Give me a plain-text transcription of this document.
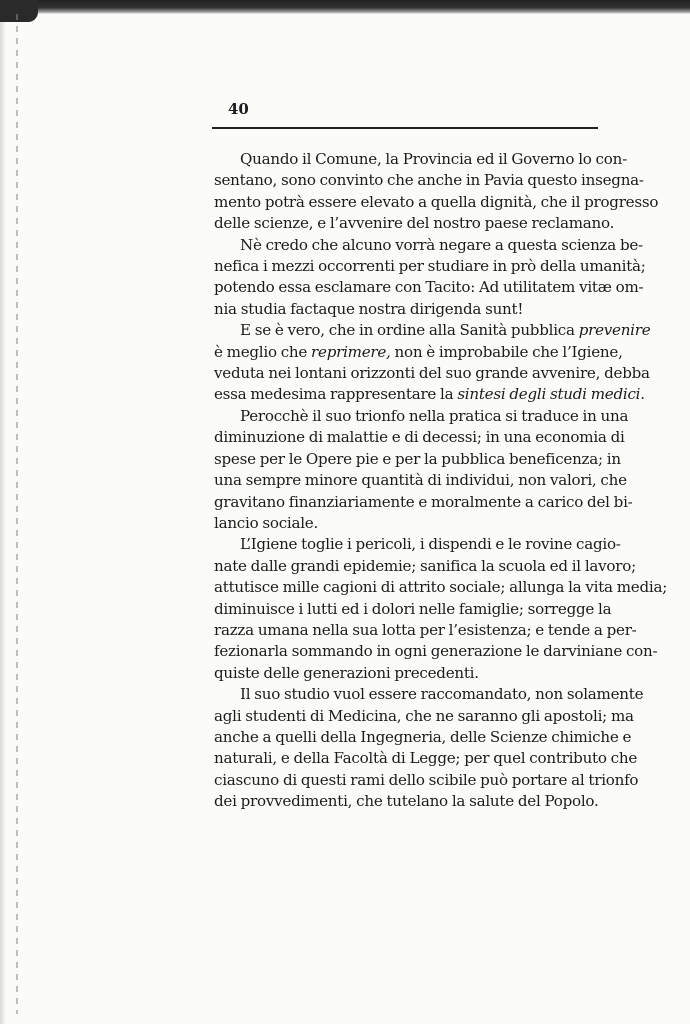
40

Quando il Comune, la Provincia ed il Governo lo con-
sentano, sono convinto che anche in Pavia questo insegna-
mento potrà essere elevato a quella dignità, che il progresso
delle scienze, e l’avvenire del nostro paese reclamano.

Nè credo che alcuno vorrà negare a questa scienza be-
nefica i mezzi occorrenti per studiare in prò della umanità;
potendo essa esclamare con Tacito: Ad utilitatem vitæ om-
nia studia factaque nostra dirigenda sunt!

E se è vero, che in ordine alla Sanità pubblica prevenire
è meglio che reprimere, non è improbabile che l’Igiene,
veduta nei lontani orizzonti del suo grande avvenire, debba
essa medesima rappresentare la sintesi degli studi medici.

Perocchè il suo trionfo nella pratica si traduce in una
diminuzione di malattie e di decessi; in una economia di
spese per le Opere pie e per la pubblica beneficenza; in
una sempre minore quantità di individui, non valori, che
gravitano finanziariamente e moralmente a carico del bi-
lancio sociale.

L’Igiene toglie i pericoli, i dispendi e le rovine cagio-
nate dalle grandi epidemie; sanifica la scuola ed il lavoro;
attutisce mille cagioni di attrito sociale; allunga la vita media;
diminuisce i lutti ed i dolori nelle famiglie; sorregge la
razza umana nella sua lotta per l’esistenza; e tende a per-
fezionarla sommando in ogni generazione le darviniane con-
quiste delle generazioni precedenti.

Il suo studio vuol essere raccomandato, non solamente
agli studenti di Medicina, che ne saranno gli apostoli; ma
anche a quelli della Ingegneria, delle Scienze chimiche e
naturali, e della Facoltà di Legge; per quel contributo che
ciascuno di questi rami dello scibile può portare al trionfo
dei provvedimenti, che tutelano la salute del Popolo.
